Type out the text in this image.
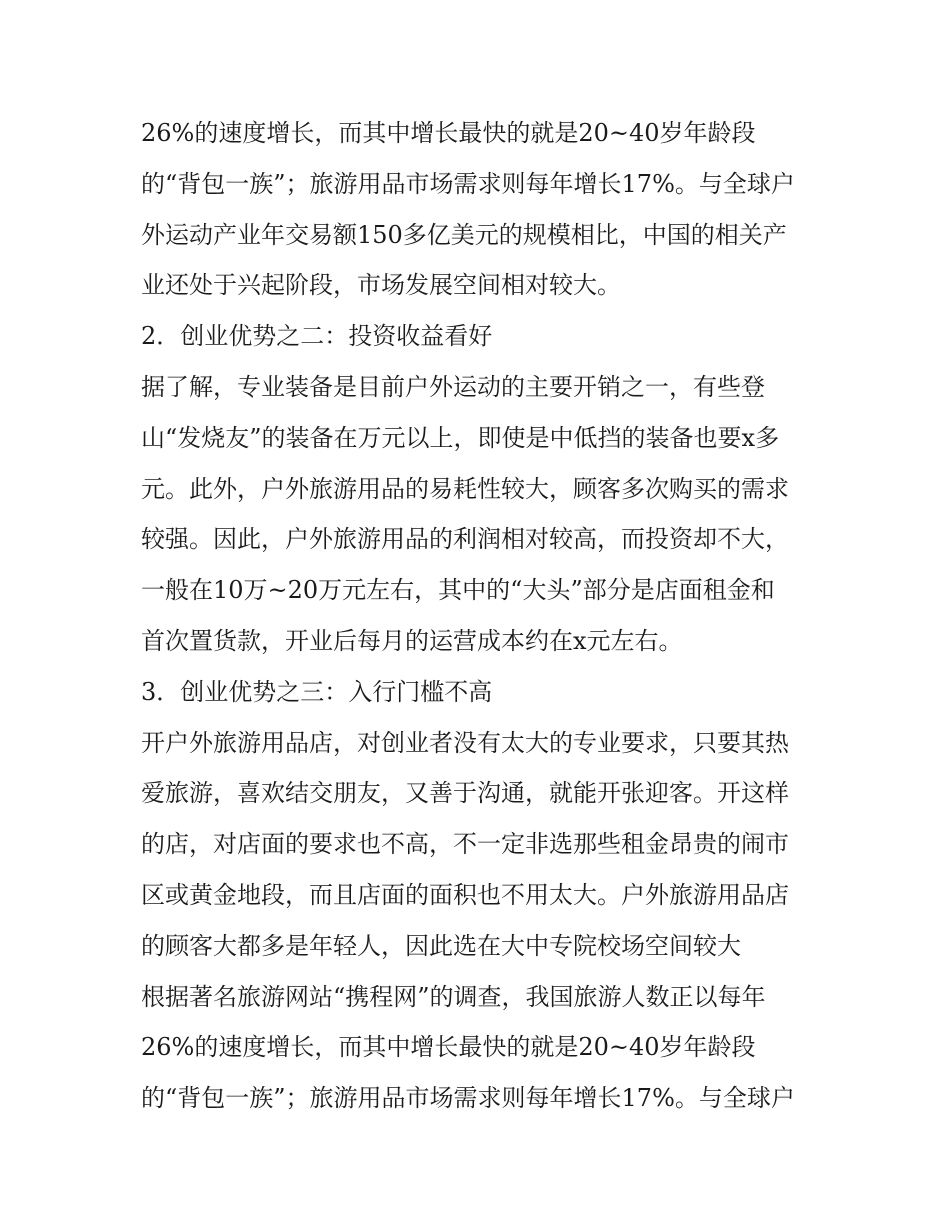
26%的速度增长，而其中增长最快的就是20~40岁年龄段
的“背包一族”；旅游用品市场需求则每年增长17%。与全球户
外运动产业年交易额150多亿美元的规模相比，中国的相关产
业还处于兴起阶段，市场发展空间相对较大。
2．创业优势之二：投资收益看好
据了解，专业装备是目前户外运动的主要开销之一，有些登
山“发烧友”的装备在万元以上，即使是中低挡的装备也要x多
元。此外，户外旅游用品的易耗性较大，顾客多次购买的需求
较强。因此，户外旅游用品的利润相对较高，而投资却不大，
一般在10万~20万元左右，其中的“大头”部分是店面租金和
首次置货款，开业后每月的运营成本约在x元左右。
3．创业优势之三：入行门槛不高
开户外旅游用品店，对创业者没有太大的专业要求，只要其热
爱旅游，喜欢结交朋友，又善于沟通，就能开张迎客。开这样
的店，对店面的要求也不高，不一定非选那些租金昂贵的闹市
区或黄金地段，而且店面的面积也不用太大。户外旅游用品店
的顾客大都多是年轻人，因此选在大中专院校场空间较大
根据著名旅游网站“携程网”的调查，我国旅游人数正以每年
26%的速度增长，而其中增长最快的就是20~40岁年龄段
的“背包一族”；旅游用品市场需求则每年增长17%。与全球户
